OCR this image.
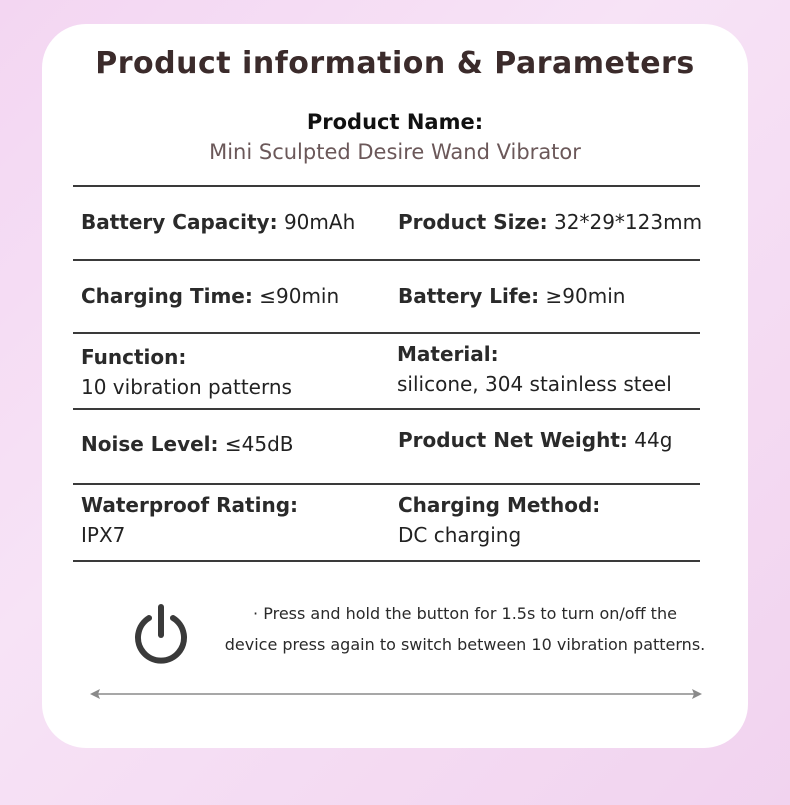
Product information & Parameters
Product Name:
Mini Sculpted Desire Wand Vibrator
Battery Capacity: 90mAh Product Size: 32*29*123mm
Charging Time: ≤90min	Battery Life: ≥90min
Function:
10 vibration patterns
Material:
silicone, 304 stainless steel
Noise Level: ≤45dB	Product Net Weight: 44g
Waterproof Rating:
IPX7
Charging Method:
DC charging
· Press and hold the button for 1.5s to turn on/off the
device press again to switch between 10 vibration patterns.
